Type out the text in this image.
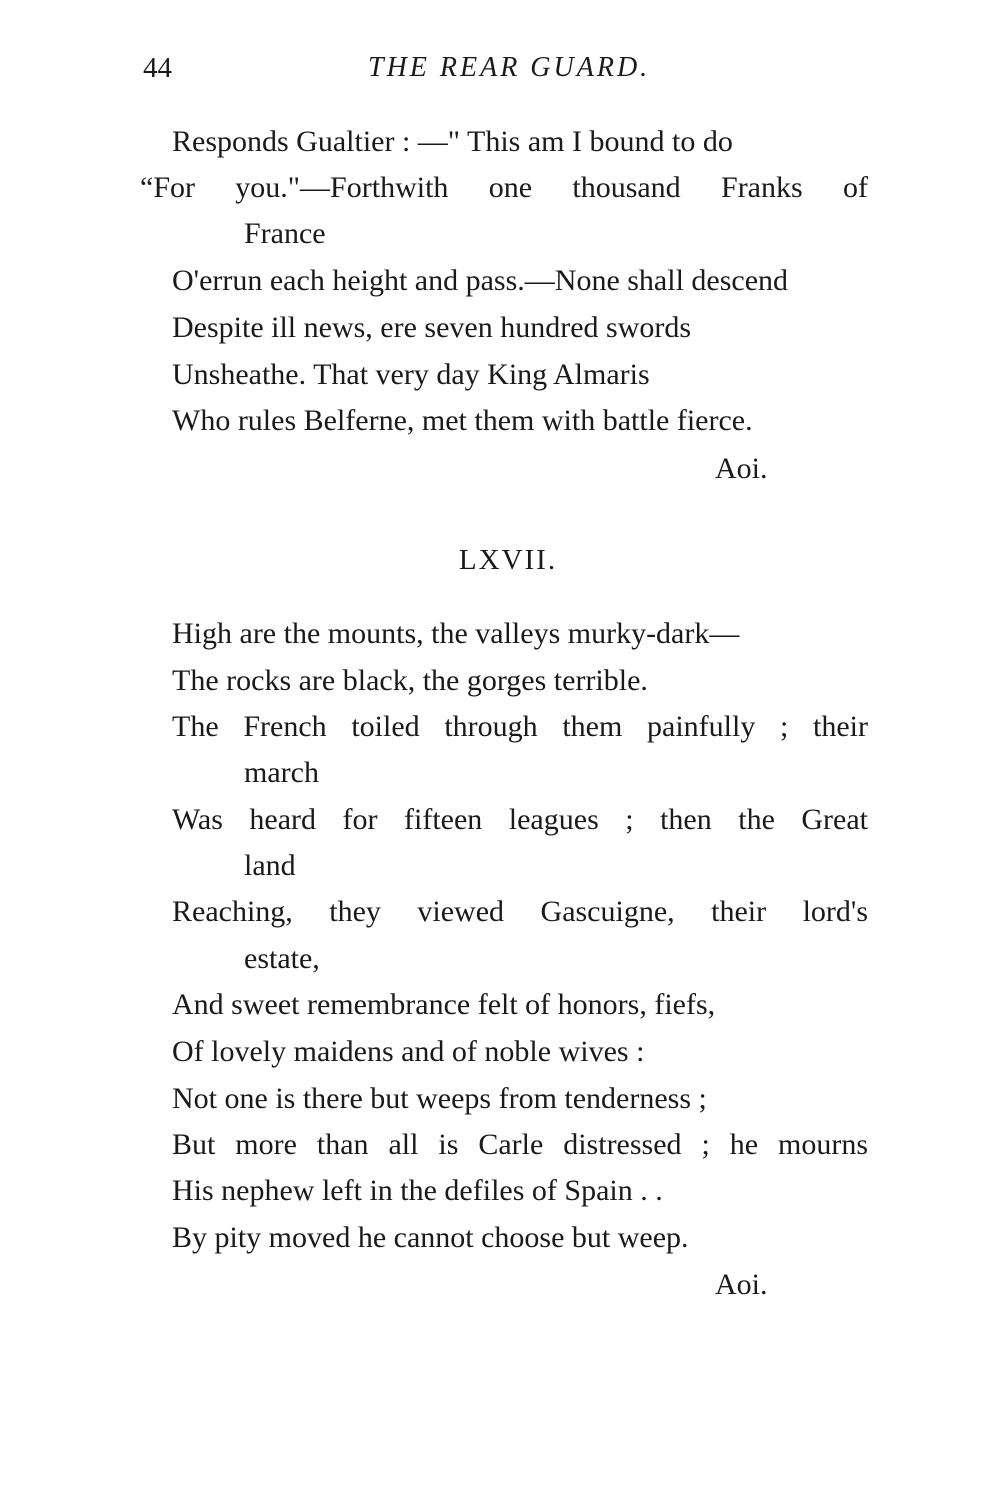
44	THE REAR GUARD.
Responds Gualtier : —" This am I bound to do
“For you."—Forthwith one thousand Franks of
France
O'errun each height and pass.—None shall descend
Despite ill news, ere seven hundred swords
Unsheathe. That very day King Almaris
Who rules Belferne, met them with battle fierce.
Aoi.
LXVII.
High are the mounts, the valleys murky-dark—
The rocks are black, the gorges terrible.
The French toiled through them painfully ; their
march
Was heard for fifteen leagues ; then the Great
land
Reaching, they viewed Gascuigne, their lord's
estate,
And sweet remembrance felt of honors, fiefs,
Of lovely maidens and of noble wives :
Not one is there but weeps from tenderness ;
But more than all is Carle distressed ; he mourns
His nephew left in the defiles of Spain . .
By pity moved he cannot choose but weep.
Aoi.
